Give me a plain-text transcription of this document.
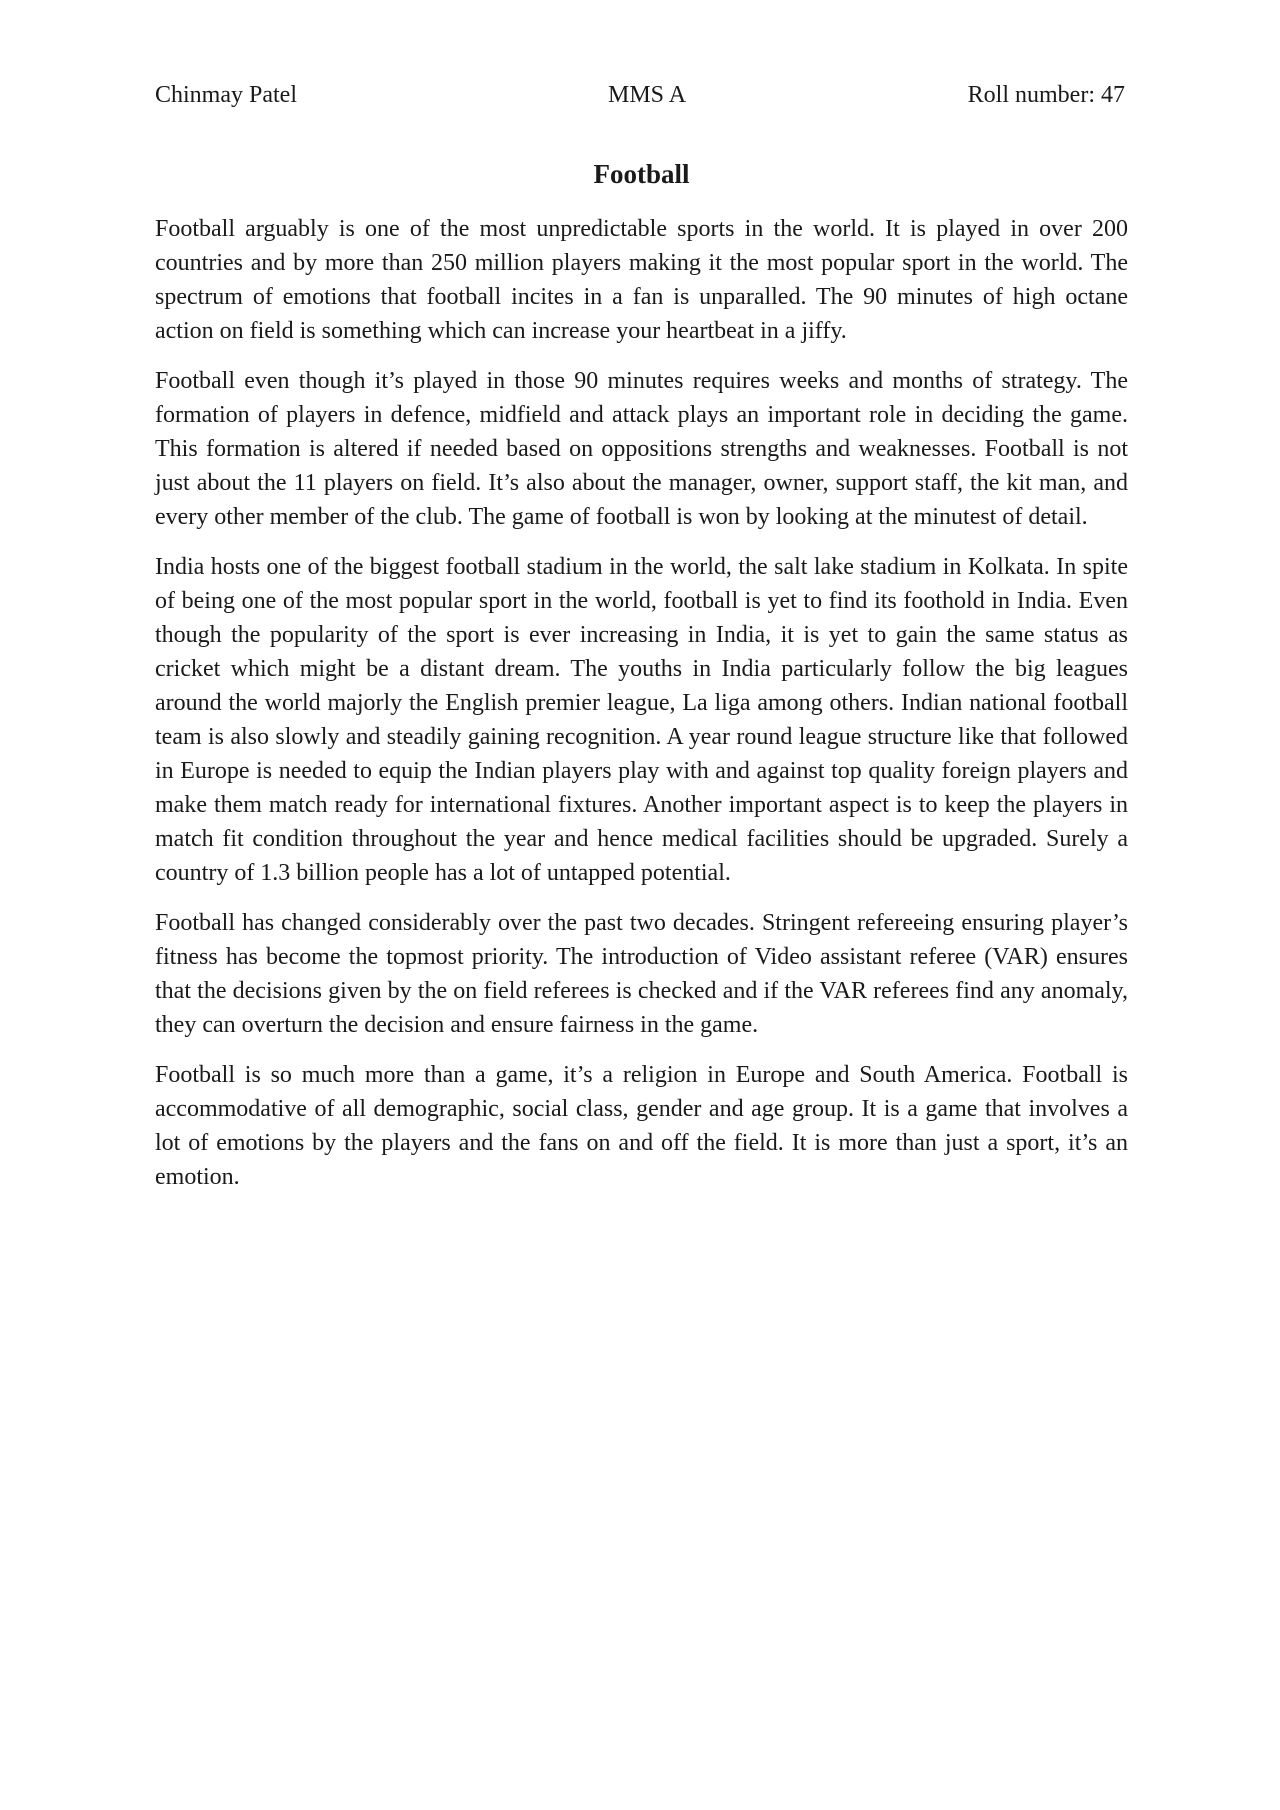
Chinmay Patel	MMS A	Roll number: 47
Football

Football arguably is one of the most unpredictable sports in the world. It is played in over 200 countries and by more than 250 million players making it the most popular sport in the world. The spectrum of emotions that football incites in a fan is unparalled. The 90 minutes of high octane action on field is something which can increase your heartbeat in a jiffy.

Football even though it’s played in those 90 minutes requires weeks and months of strategy. The formation of players in defence, midfield and attack plays an important role in deciding the game. This formation is altered if needed based on oppositions strengths and weaknesses. Football is not just about the 11 players on field. It’s also about the manager, owner, support staff, the kit man, and every other member of the club. The game of football is won by looking at the minutest of detail.

India hosts one of the biggest football stadium in the world, the salt lake stadium in Kolkata. In spite of being one of the most popular sport in the world, football is yet to find its foothold in India. Even though the popularity of the sport is ever increasing in India, it is yet to gain the same status as cricket which might be a distant dream. The youths in India particularly follow the big leagues around the world majorly the English premier league, La liga among others. Indian national football team is also slowly and steadily gaining recognition. A year round league structure like that followed in Europe is needed to equip the Indian players play with and against top quality foreign players and make them match ready for international fixtures. Another important aspect is to keep the players in match fit condition throughout the year and hence medical facilities should be upgraded. Surely a country of 1.3 billion people has a lot of untapped potential.

Football has changed considerably over the past two decades. Stringent refereeing ensuring player’s fitness has become the topmost priority. The introduction of Video assistant referee (VAR) ensures that the decisions given by the on field referees is checked and if the VAR referees find any anomaly, they can overturn the decision and ensure fairness in the game.

Football is so much more than a game, it’s a religion in Europe and South America. Football is accommodative of all demographic, social class, gender and age group. It is a game that involves a lot of emotions by the players and the fans on and off the field. It is more than just a sport, it’s an emotion.
